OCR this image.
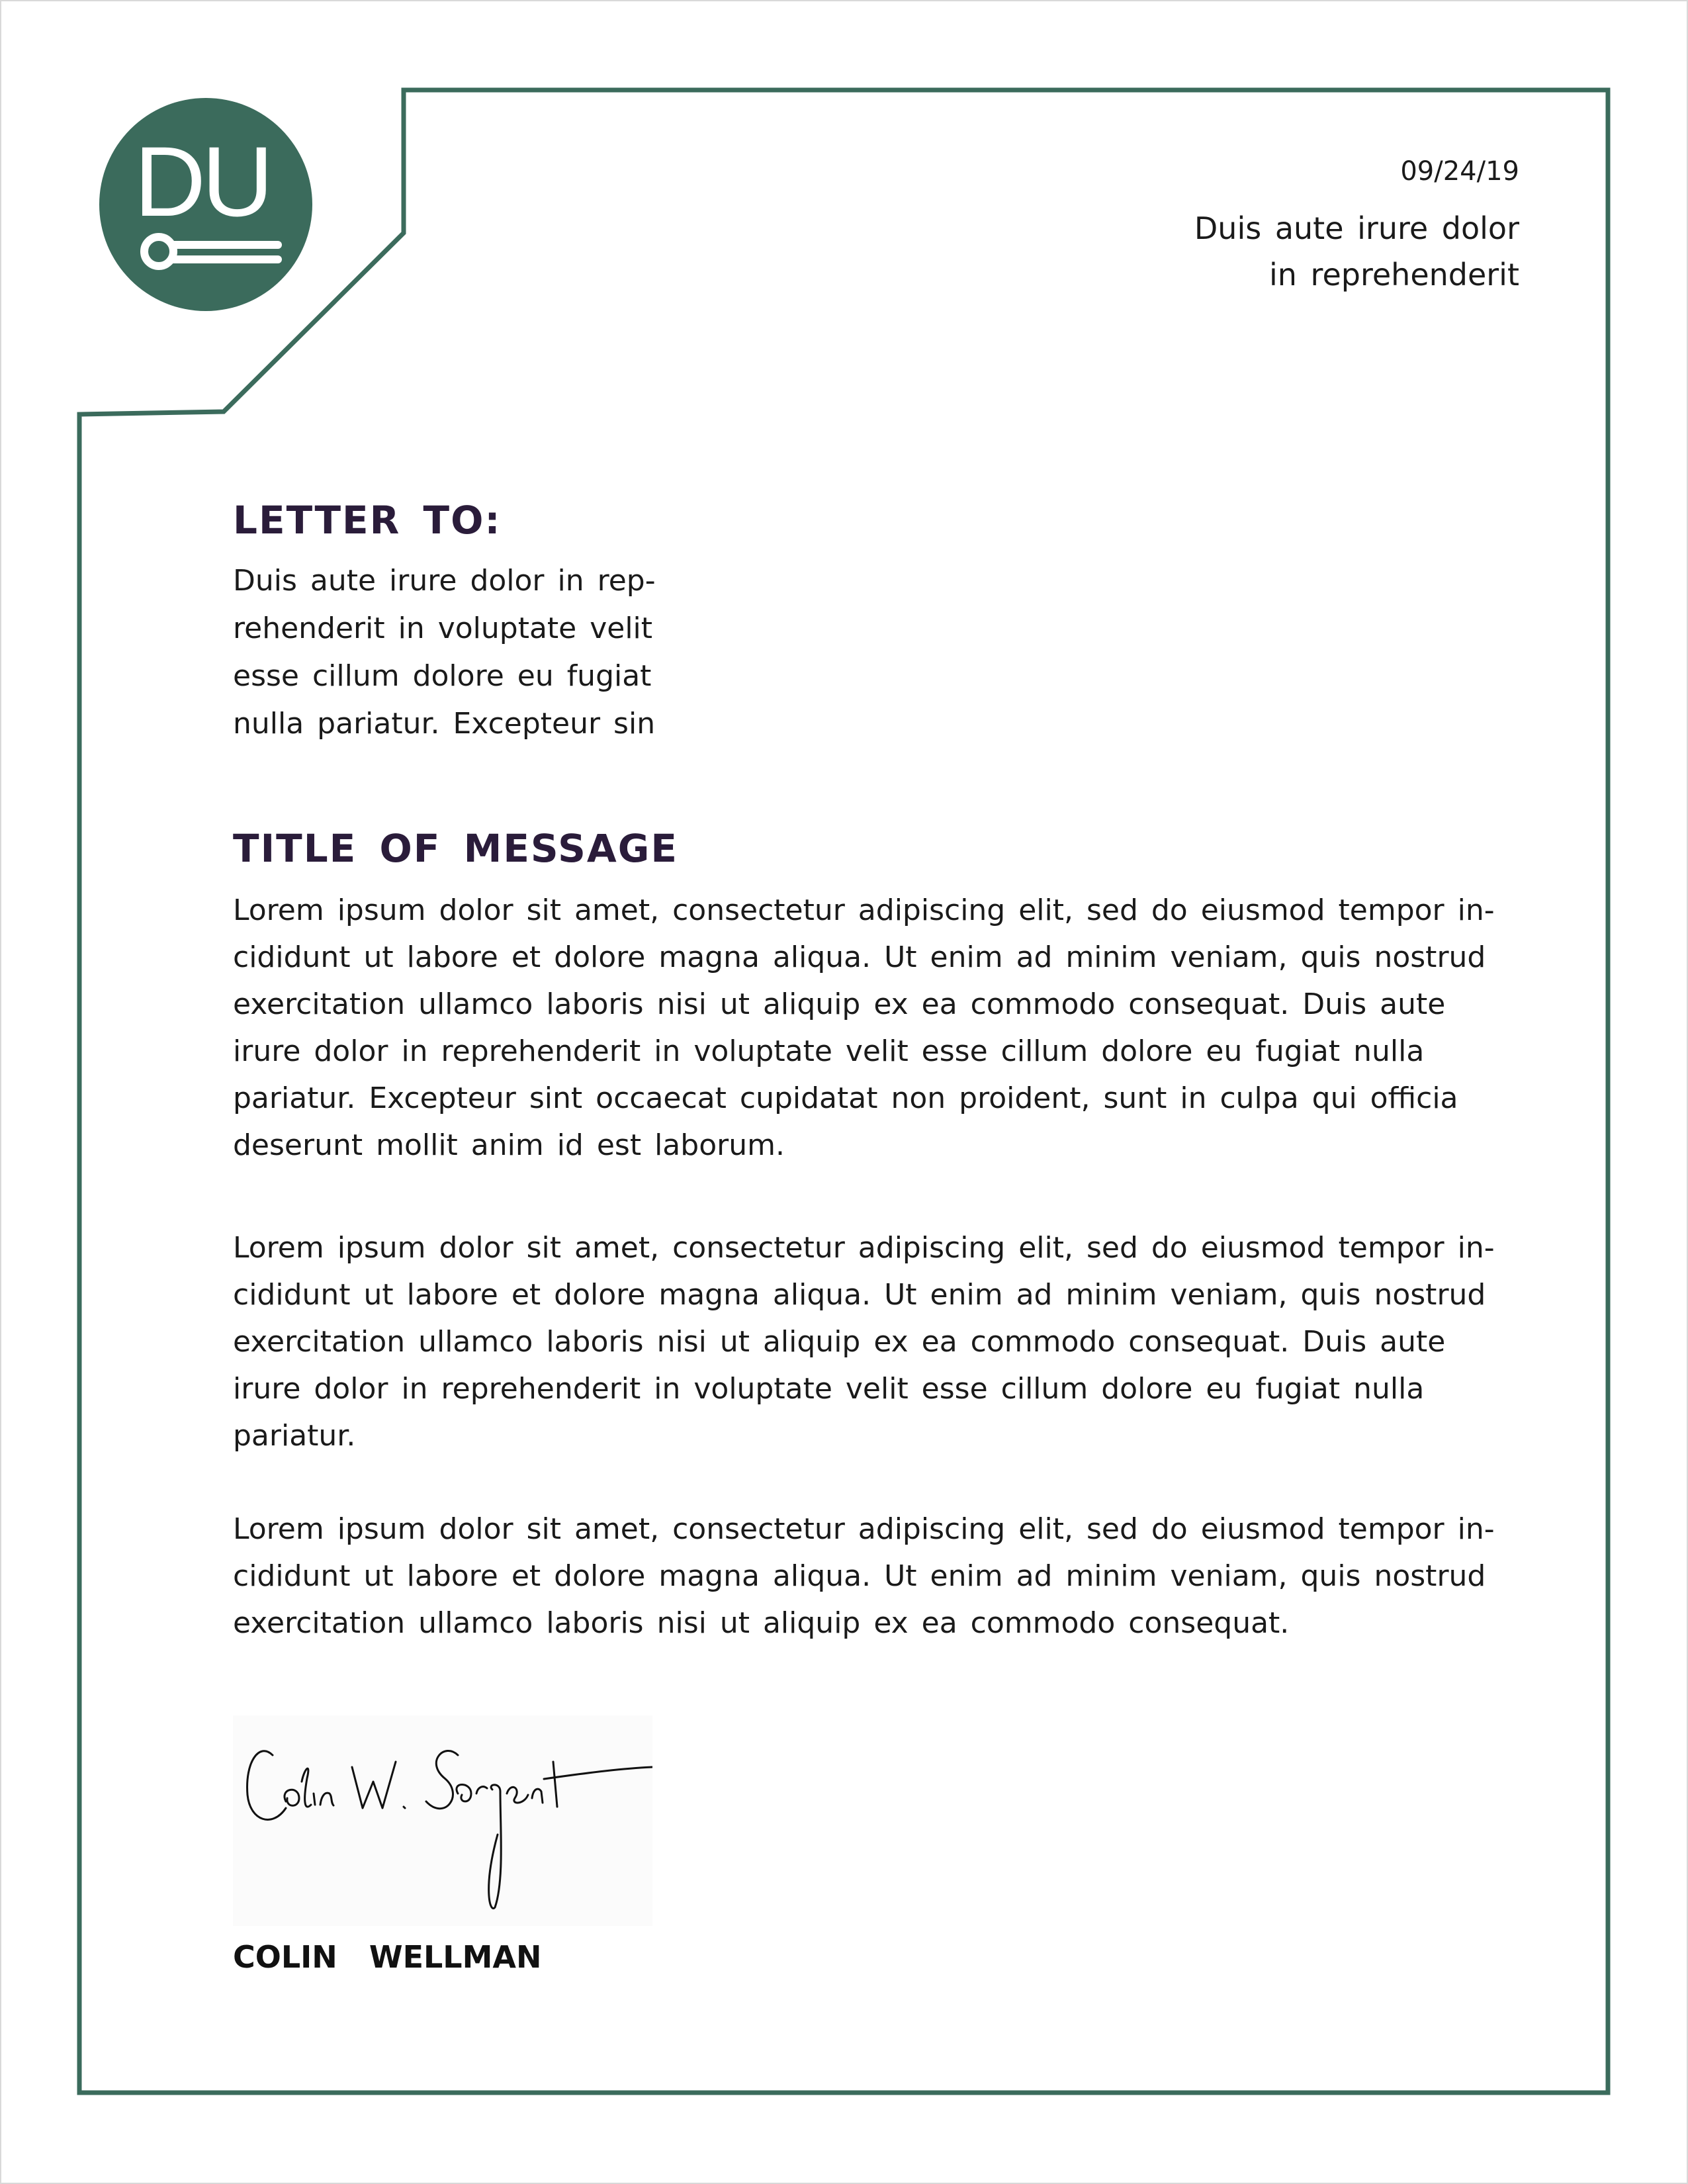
DU	09/24/19
Duis aute irure dolor
in reprehenderit
LETTER TO:
Duis aute irure dolor in rep-
rehenderit in voluptate velit
esse cillum dolore eu fugiat
nulla pariatur. Excepteur sin
TITLE OF MESSAGE
Lorem ipsum dolor sit amet, consectetur adipiscing elit, sed do eiusmod tempor in-
cididunt ut labore et dolore magna aliqua. Ut enim ad minim veniam, quis nostrud
exercitation ullamco laboris nisi ut aliquip ex ea commodo consequat. Duis aute
irure dolor in reprehenderit in voluptate velit esse cillum dolore eu fugiat nulla
pariatur. Excepteur sint occaecat cupidatat non proident, sunt in culpa qui officia
deserunt mollit anim id est laborum.
Lorem ipsum dolor sit amet, consectetur adipiscing elit, sed do eiusmod tempor in-
cididunt ut labore et dolore magna aliqua. Ut enim ad minim veniam, quis nostrud
exercitation ullamco laboris nisi ut aliquip ex ea commodo consequat. Duis aute
irure dolor in reprehenderit in voluptate velit esse cillum dolore eu fugiat nulla
pariatur.
Lorem ipsum dolor sit amet, consectetur adipiscing elit, sed do eiusmod tempor in-
cididunt ut labore et dolore magna aliqua. Ut enim ad minim veniam, quis nostrud
exercitation ullamco laboris nisi ut aliquip ex ea commodo consequat.
COLIN   WELLMAN
